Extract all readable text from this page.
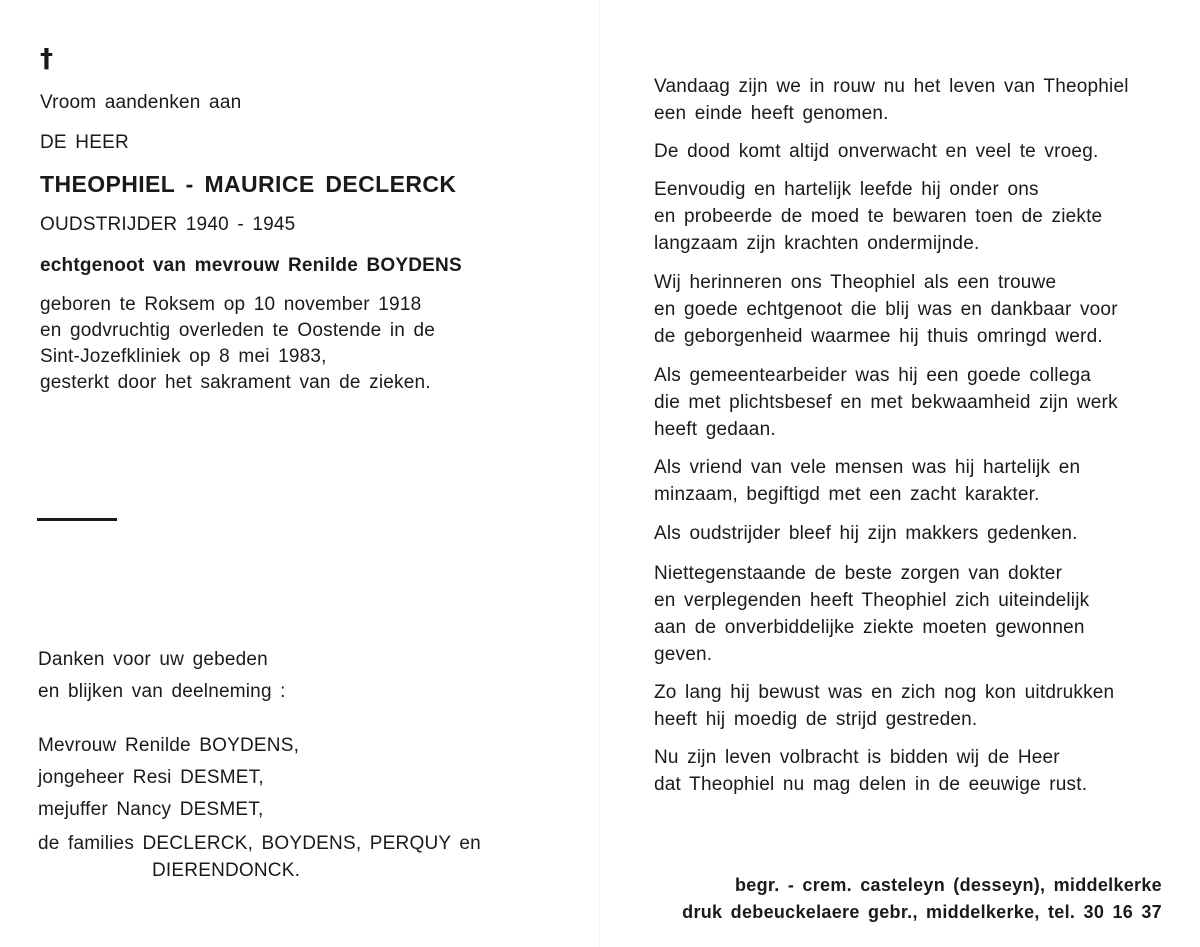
†
Vroom aandenken aan
DE HEER
THEOPHIEL - MAURICE DECLERCK
OUDSTRIJDER 1940 - 1945
echtgenoot van mevrouw Renilde BOYDENS
geboren te Roksem op 10 november 1918
en godvruchtig overleden te Oostende in de
Sint-Jozefkliniek op 8 mei 1983,
gesterkt door het sakrament van de zieken.
Danken voor uw gebeden
en blijken van deelneming :
Mevrouw Renilde BOYDENS,
jongeheer Resi DESMET,
mejuffer Nancy DESMET,
de families DECLERCK, BOYDENS, PERQUY en
DIERENDONCK.
Vandaag zijn we in rouw nu het leven van Theophiel
een einde heeft genomen.
De dood komt altijd onverwacht en veel te vroeg.
Eenvoudig en hartelijk leefde hij onder ons
en probeerde de moed te bewaren toen de ziekte
langzaam zijn krachten ondermijnde.
Wij herinneren ons Theophiel als een trouwe
en goede echtgenoot die blij was en dankbaar voor
de geborgenheid waarmee hij thuis omringd werd.
Als gemeentearbeider was hij een goede collega
die met plichtsbesef en met bekwaamheid zijn werk
heeft gedaan.
Als vriend van vele mensen was hij hartelijk en
minzaam, begiftigd met een zacht karakter.
Als oudstrijder bleef hij zijn makkers gedenken.
Niettegenstaande de beste zorgen van dokter
en verplegenden heeft Theophiel zich uiteindelijk
aan de onverbiddelijke ziekte moeten gewonnen
geven.
Zo lang hij bewust was en zich nog kon uitdrukken
heeft hij moedig de strijd gestreden.
Nu zijn leven volbracht is bidden wij de Heer
dat Theophiel nu mag delen in de eeuwige rust.
begr. - crem. casteleyn (desseyn), middelkerke
druk debeuckelaere gebr., middelkerke, tel. 30 16 37
